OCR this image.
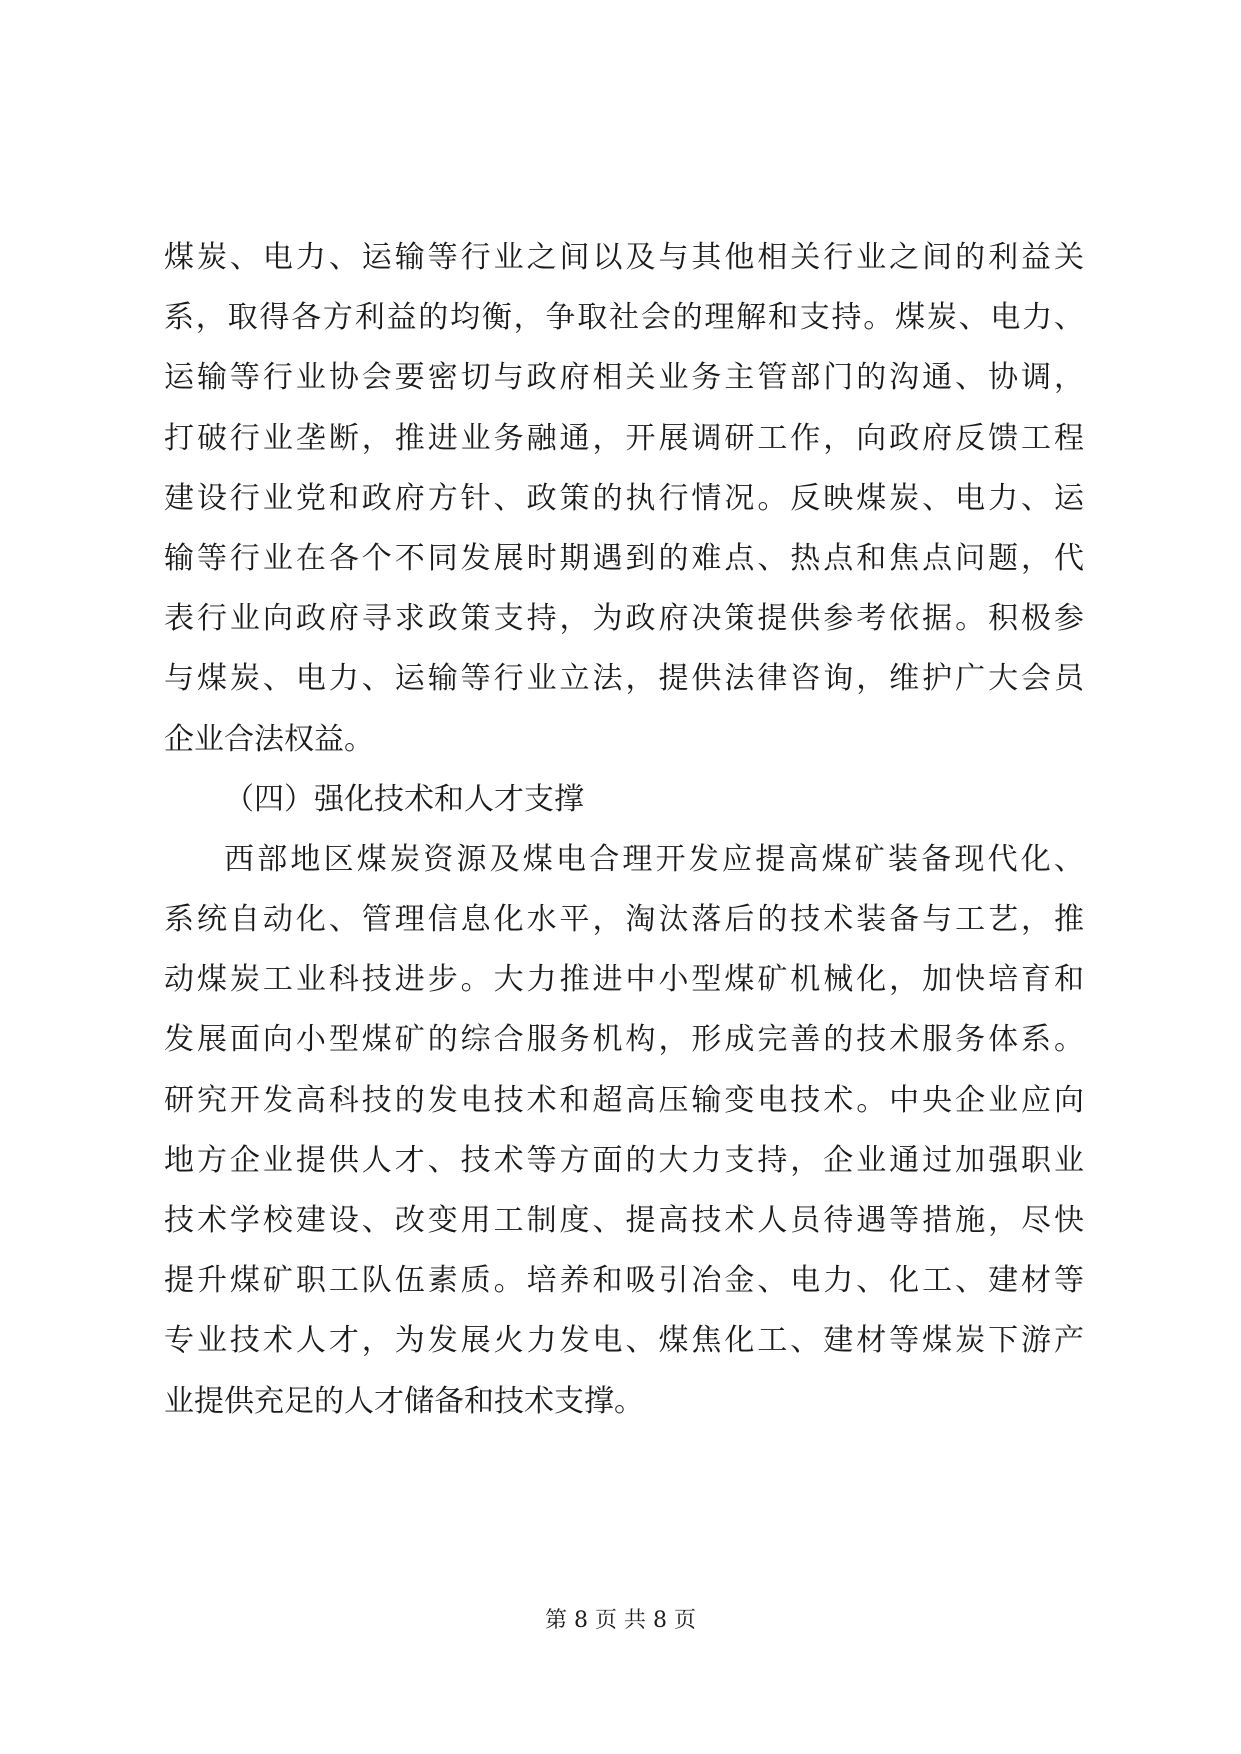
煤炭、电力、运输等行业之间以及与其他相关行业之间的利益关
系，取得各方利益的均衡，争取社会的理解和支持。煤炭、电力、
运输等行业协会要密切与政府相关业务主管部门的沟通、协调，
打破行业垄断，推进业务融通，开展调研工作，向政府反馈工程
建设行业党和政府方针、政策的执行情况。反映煤炭、电力、运
输等行业在各个不同发展时期遇到的难点、热点和焦点问题，代
表行业向政府寻求政策支持，为政府决策提供参考依据。积极参
与煤炭、电力、运输等行业立法，提供法律咨询，维护广大会员
企业合法权益。
（四）强化技术和人才支撑
西部地区煤炭资源及煤电合理开发应提高煤矿装备现代化、
系统自动化、管理信息化水平，淘汰落后的技术装备与工艺，推
动煤炭工业科技进步。大力推进中小型煤矿机械化，加快培育和
发展面向小型煤矿的综合服务机构，形成完善的技术服务体系。
研究开发高科技的发电技术和超高压输变电技术。中央企业应向
地方企业提供人才、技术等方面的大力支持，企业通过加强职业
技术学校建设、改变用工制度、提高技术人员待遇等措施，尽快
提升煤矿职工队伍素质。培养和吸引冶金、电力、化工、建材等
专业技术人才，为发展火力发电、煤焦化工、建材等煤炭下游产
业提供充足的人才储备和技术支撑。
第 8 页 共 8 页
